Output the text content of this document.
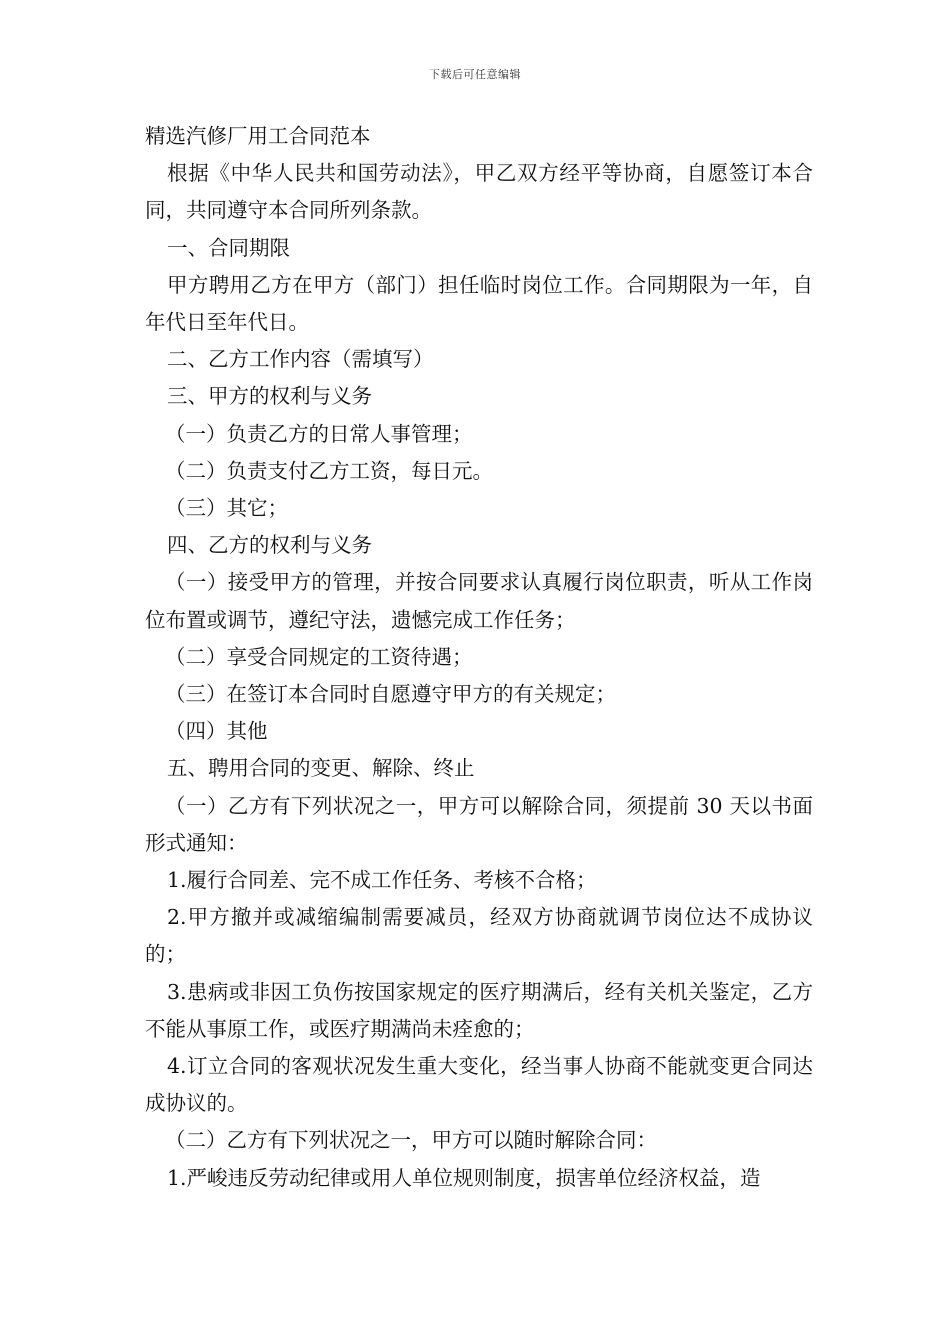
下载后可任意编辑

精选汽修厂用工合同范本

根据《中华人民共和国劳动法》，甲乙双方经平等协商，自愿签订本合同，共同遵守本合同所列条款。

一、合同期限

甲方聘用乙方在甲方（部门）担任临时岗位工作。合同期限为一年，自年代日至年代日。

二、乙方工作内容（需填写）

三、甲方的权利与义务

（一）负责乙方的日常人事管理；

（二）负责支付乙方工资，每日元。

（三）其它；

四、乙方的权利与义务

（一）接受甲方的管理，并按合同要求认真履行岗位职责，听从工作岗位布置或调节，遵纪守法，遗憾完成工作任务；

（二）享受合同规定的工资待遇；

（三）在签订本合同时自愿遵守甲方的有关规定；

（四）其他

五、聘用合同的变更、解除、终止

（一）乙方有下列状况之一，甲方可以解除合同，须提前 30 天以书面形式通知：

1.履行合同差、完不成工作任务、考核不合格；

2.甲方撤并或减缩编制需要减员，经双方协商就调节岗位达不成协议的；

3.患病或非因工负伤按国家规定的医疗期满后，经有关机关鉴定，乙方不能从事原工作，或医疗期满尚未痊愈的；

4.订立合同的客观状况发生重大变化，经当事人协商不能就变更合同达成协议的。

（二）乙方有下列状况之一，甲方可以随时解除合同：

1.严峻违反劳动纪律或用人单位规则制度，损害单位经济权益，造
